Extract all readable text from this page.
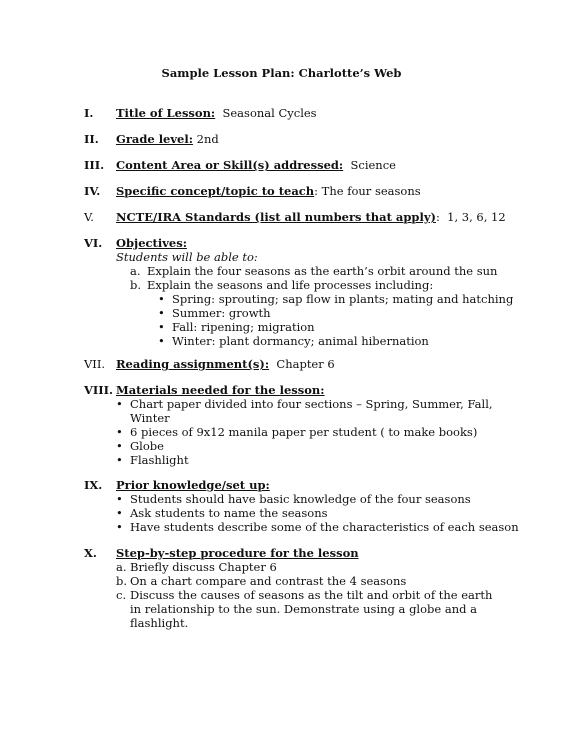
Sample Lesson Plan: Charlotte’s Web
I. Title of Lesson:  Seasonal Cycles
II. Grade level: 2nd
III. Content Area or Skill(s) addressed:  Science
IV. Specific concept/topic to teach: The four seasons
V. NCTE/IRA Standards (list all numbers that apply):  1, 3, 6, 12
VI. Objectives:
Students will be able to:
a. Explain the four seasons as the earth’s orbit around the sun
b. Explain the seasons and life processes including:
• Spring: sprouting; sap flow in plants; mating and hatching
• Summer: growth
• Fall: ripening; migration
• Winter: plant dormancy; animal hibernation
VII. Reading assignment(s):  Chapter 6
VIII. Materials needed for the lesson:
• Chart paper divided into four sections – Spring, Summer, Fall, Winter
• 6 pieces of 9x12 manila paper per student ( to make books)
• Globe
• Flashlight
IX. Prior knowledge/set up:
• Students should have basic knowledge of the four seasons
• Ask students to name the seasons
• Have students describe some of the characteristics of each season
X. Step-by-step procedure for the lesson
a. Briefly discuss Chapter 6
b. On a chart compare and contrast the 4 seasons
c. Discuss the causes of seasons as the tilt and orbit of the earth in relationship to the sun. Demonstrate using a globe and a flashlight.
